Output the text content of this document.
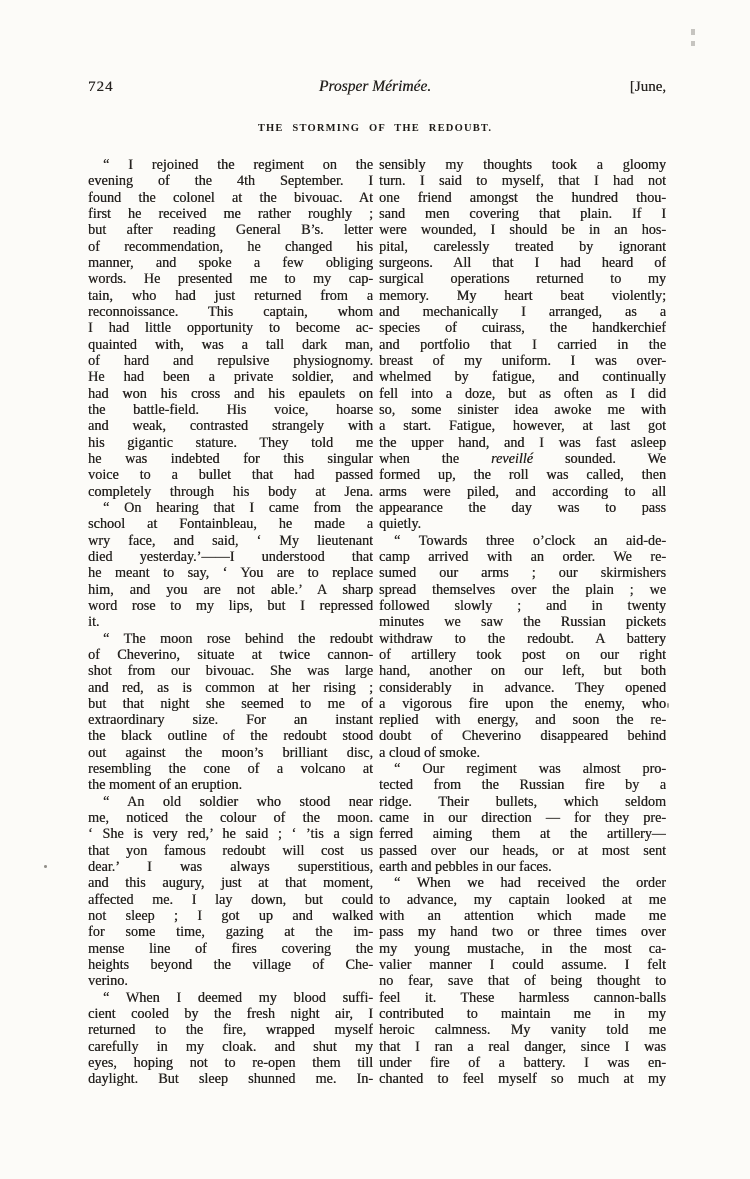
724	Prosper Mérimée.	[June,
THE STORMING OF THE REDOUBT.
“ I rejoined the regiment on the
evening of the 4th September. I
found the colonel at the bivouac. At
first he received me rather roughly ;
but after reading General B’s. letter
of recommendation, he changed his
manner, and spoke a few obliging
words. He presented me to my cap-
tain, who had just returned from a
reconnoissance. This captain, whom
I had little opportunity to become ac-
quainted with, was a tall dark man,
of hard and repulsive physiognomy.
He had been a private soldier, and
had won his cross and his epaulets on
the battle-field. His voice, hoarse
and weak, contrasted strangely with
his gigantic stature. They told me
he was indebted for this singular
voice to a bullet that had passed
completely through his body at Jena.
“ On hearing that I came from the
school at Fontainbleau, he made a
wry face, and said, ‘ My lieutenant
died yesterday.’——I understood that
he meant to say, ‘ You are to replace
him, and you are not able.’ A sharp
word rose to my lips, but I repressed
it.
“ The moon rose behind the redoubt
of Cheverino, situate at twice cannon-
shot from our bivouac. She was large
and red, as is common at her rising ;
but that night she seemed to me of
extraordinary size. For an instant
the black outline of the redoubt stood
out against the moon’s brilliant disc,
resembling the cone of a volcano at
the moment of an eruption.
“ An old soldier who stood near
me, noticed the colour of the moon.
‘ She is very red,’ he said ; ‘ ’tis a sign
that yon famous redoubt will cost us
dear.’ I was always superstitious,
and this augury, just at that moment,
affected me. I lay down, but could
not sleep ; I got up and walked
for some time, gazing at the im-
mense line of fires covering the
heights beyond the village of Che-
verino.
“ When I deemed my blood suffi-
cient cooled by the fresh night air, I
returned to the fire, wrapped myself
carefully in my cloak. and shut my
eyes, hoping not to re-open them till
daylight. But sleep shunned me. In-
sensibly my thoughts took a gloomy
turn. I said to myself, that I had not
one friend amongst the hundred thou-
sand men covering that plain. If I
were wounded, I should be in an hos-
pital, carelessly treated by ignorant
surgeons. All that I had heard of
surgical operations returned to my
memory. My heart beat violently;
and mechanically I arranged, as a
species of cuirass, the handkerchief
and portfolio that I carried in the
breast of my uniform. I was over-
whelmed by fatigue, and continually
fell into a doze, but as often as I did
so, some sinister idea awoke me with
a start. Fatigue, however, at last got
the upper hand, and I was fast asleep
when the reveillé sounded. We
formed up, the roll was called, then
arms were piled, and according to all
appearance the day was to pass
quietly.
“ Towards three o’clock an aid-de-
camp arrived with an order. We re-
sumed our arms ; our skirmishers
spread themselves over the plain ; we
followed slowly ; and in twenty
minutes we saw the Russian pickets
withdraw to the redoubt. A battery
of artillery took post on our right
hand, another on our left, but both
considerably in advance. They opened
a vigorous fire upon the enemy, who
replied with energy, and soon the re-
doubt of Cheverino disappeared behind
a cloud of smoke.
“ Our regiment was almost pro-
tected from the Russian fire by a
ridge. Their bullets, which seldom
came in our direction — for they pre-
ferred aiming them at the artillery—
passed over our heads, or at most sent
earth and pebbles in our faces.
“ When we had received the order
to advance, my captain looked at me
with an attention which made me
pass my hand two or three times over
my young mustache, in the most ca-
valier manner I could assume. I felt
no fear, save that of being thought to
feel it. These harmless cannon-balls
contributed to maintain me in my
heroic calmness. My vanity told me
that I ran a real danger, since I was
under fire of a battery. I was en-
chanted to feel myself so much at my
